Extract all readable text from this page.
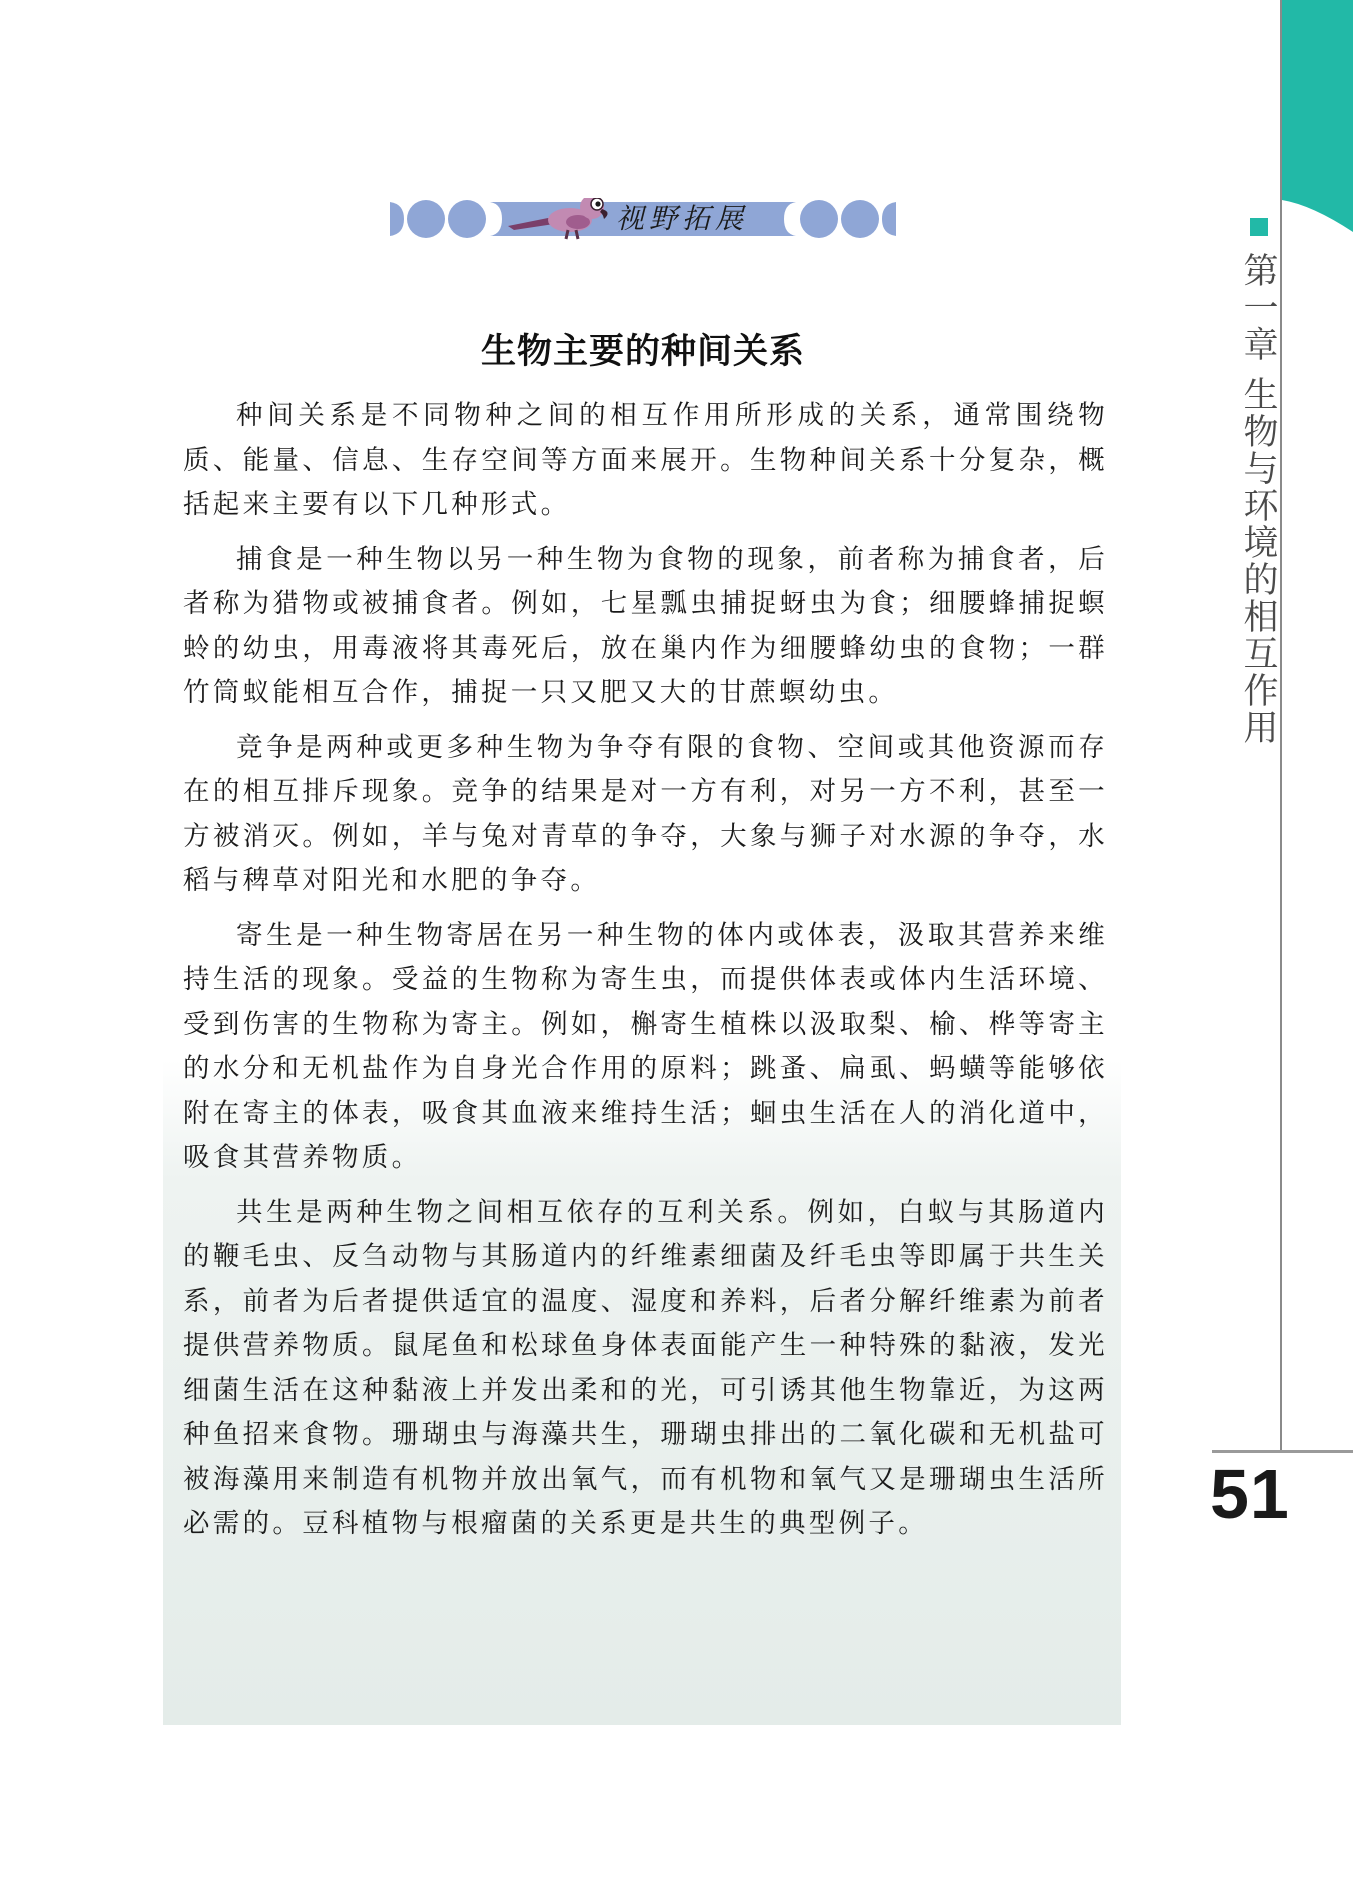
第一章 生物与环境的相互作用
51
视野拓展
生物主要的种间关系

种间关系是不同物种之间的相互作用所形成的关系，通常围绕物质、能量、信息、生存空间等方面来展开。生物种间关系十分复杂，概括起来主要有以下几种形式。

捕食是一种生物以另一种生物为食物的现象，前者称为捕食者，后者称为猎物或被捕食者。例如，七星瓢虫捕捉蚜虫为食；细腰蜂捕捉螟蛉的幼虫，用毒液将其毒死后，放在巢内作为细腰蜂幼虫的食物；一群竹筒蚁能相互合作，捕捉一只又肥又大的甘蔗螟幼虫。

竞争是两种或更多种生物为争夺有限的食物、空间或其他资源而存在的相互排斥现象。竞争的结果是对一方有利，对另一方不利，甚至一方被消灭。例如，羊与兔对青草的争夺，大象与狮子对水源的争夺，水稻与稗草对阳光和水肥的争夺。

寄生是一种生物寄居在另一种生物的体内或体表，汲取其营养来维持生活的现象。受益的生物称为寄生虫，而提供体表或体内生活环境、受到伤害的生物称为寄主。例如，槲寄生植株以汲取梨、榆、桦等寄主的水分和无机盐作为自身光合作用的原料；跳蚤、扁虱、蚂蟥等能够依附在寄主的体表，吸食其血液来维持生活；蛔虫生活在人的消化道中，吸食其营养物质。

共生是两种生物之间相互依存的互利关系。例如，白蚁与其肠道内的鞭毛虫、反刍动物与其肠道内的纤维素细菌及纤毛虫等即属于共生关系，前者为后者提供适宜的温度、湿度和养料，后者分解纤维素为前者提供营养物质。鼠尾鱼和松球鱼身体表面能产生一种特殊的黏液，发光细菌生活在这种黏液上并发出柔和的光，可引诱其他生物靠近，为这两种鱼招来食物。珊瑚虫与海藻共生，珊瑚虫排出的二氧化碳和无机盐可被海藻用来制造有机物并放出氧气，而有机物和氧气又是珊瑚虫生活所必需的。豆科植物与根瘤菌的关系更是共生的典型例子。
